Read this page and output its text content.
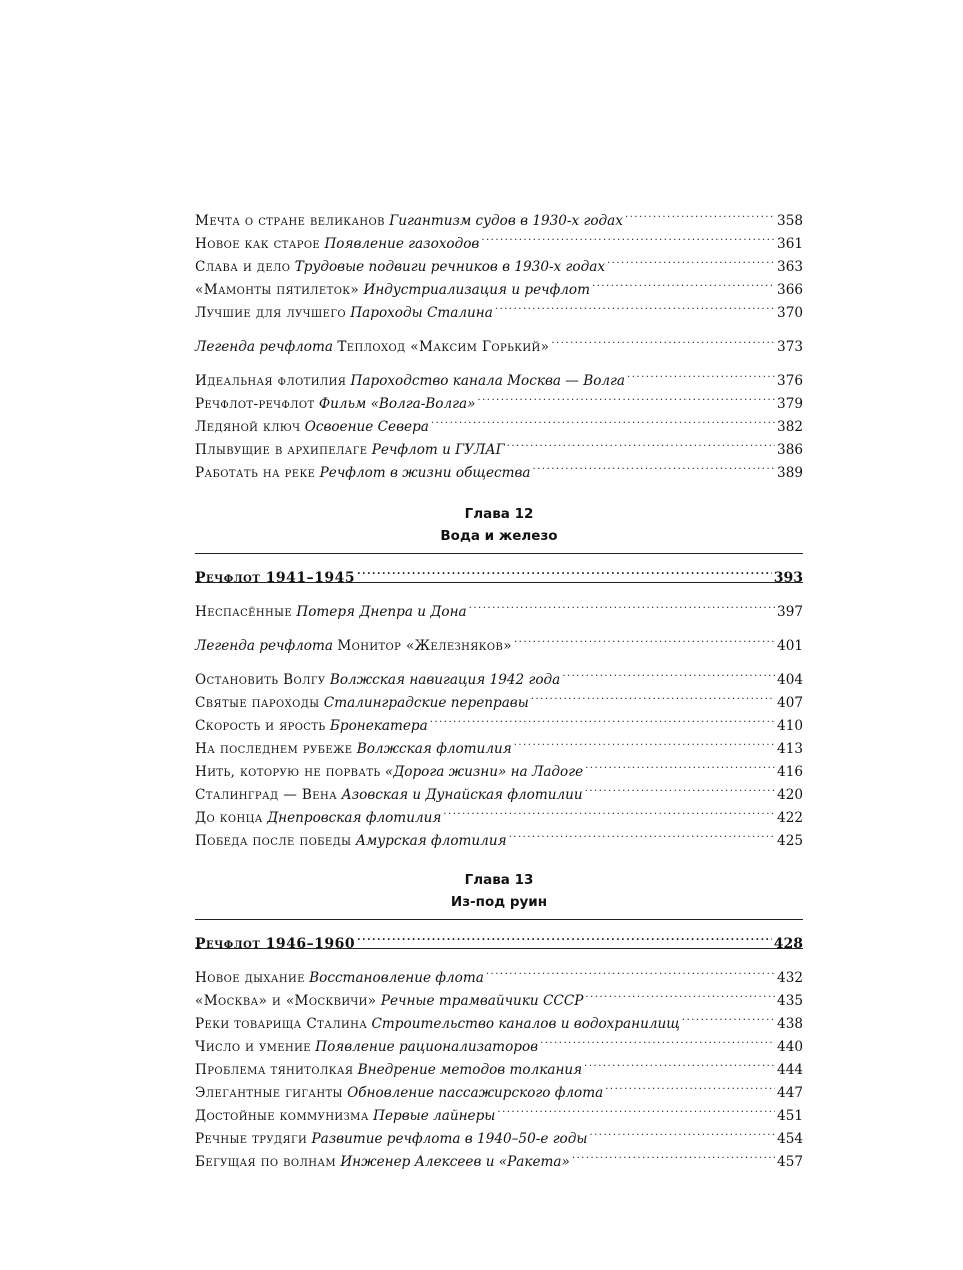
Мечта о стране великанов Гигантизм судов в 1930-х годах .....	358
Новое как старое Появление газоходов .....	361
Слава и дело Трудовые подвиги речников в 1930-х годах .....	363
«Мамонты пятилеток» Индустриализация и речфлот .....	366
Лучшие для лучшего Пароходы Сталина .....	370
Легенда речфлота Теплоход «Максим Горький» .....	373
Идеальная флотилия Пароходство канала Москва — Волга .....	376
Речфлот-речфлот Фильм «Волга-Волга» .....	379
Ледяной ключ Освоение Севера .....	382
Плывущие в архипелаге Речфлот и ГУЛАГ .....	386
Работать на реке Речфлот в жизни общества .....	389
Глава 12
Вода и железо
Речфлот 1941–1945 .....	393
Неспасённые Потеря Днепра и Дона .....	397
Легенда речфлота Монитор «Железняков» .....	401
Остановить Волгу Волжская навигация 1942 года .....	404
Святые пароходы Сталинградские переправы .....	407
Скорость и ярость Бронекатера .....	410
На последнем рубеже Волжская флотилия .....	413
Нить, которую не порвать «Дорога жизни» на Ладоге .....	416
Сталинград — Вена Азовская и Дунайская флотилии .....	420
До конца Днепровская флотилия .....	422
Победа после победы Амурская флотилия .....	425
Глава 13
Из-под руин
Речфлот 1946–1960 .....	428
Новое дыхание Восстановление флота .....	432
«Москва» и «Москвичи» Речные трамвайчики СССР .....	435
Реки товарища Сталина Строительство каналов и водохранилищ .....	438
Число и умение Появление рационализаторов .....	440
Проблема тянитолкая Внедрение методов толкания .....	444
Элегантные гиганты Обновление пассажирского флота .....	447
Достойные коммунизма Первые лайнеры .....	451
Речные трудяги Развитие речфлота в 1940–50-е годы .....	454
Бегущая по волнам Инженер Алексеев и «Ракета» .....	457
